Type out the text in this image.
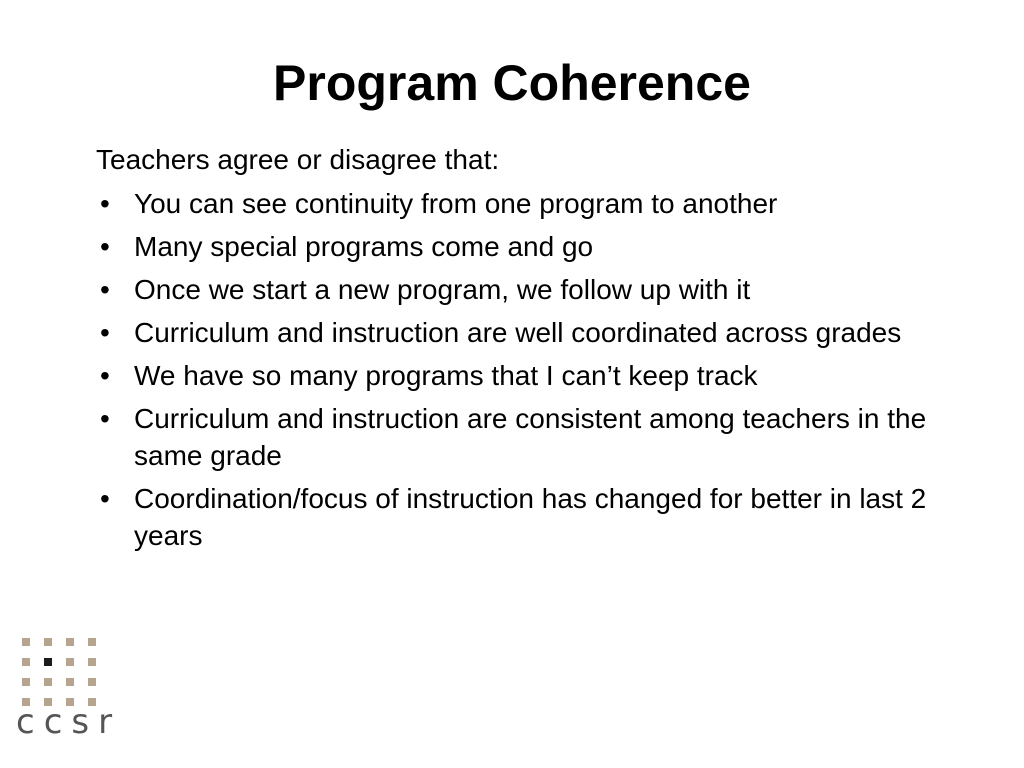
Program Coherence

Teachers agree or disagree that:

• You can see continuity from one program to another
• Many special programs come and go
• Once we start a new program, we follow up with it
• Curriculum and instruction are well coordinated across grades
• We have so many programs that I can’t keep track
• Curriculum and instruction are consistent among teachers in the same grade
• Coordination/focus of instruction has changed for better in last 2 years
ccsr
